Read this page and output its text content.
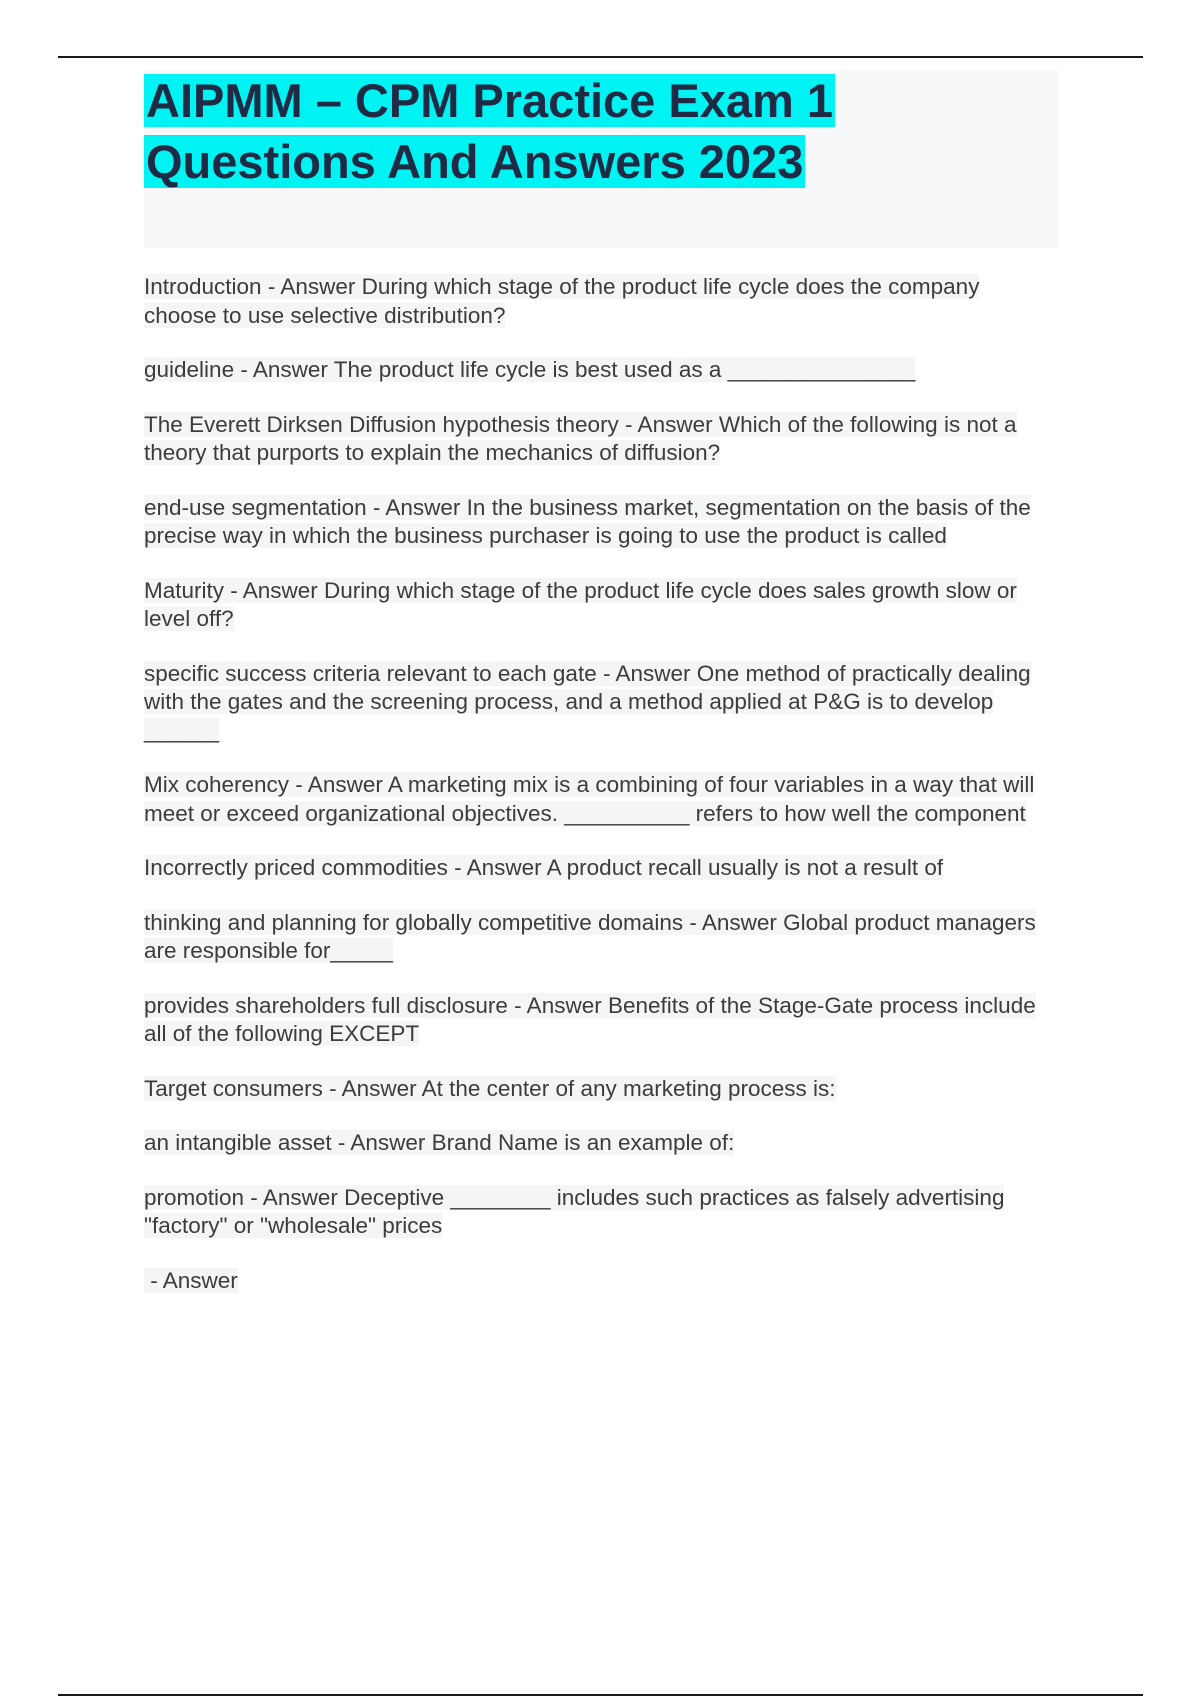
AIPMM – CPM Practice Exam 1
Questions And Answers 2023

Introduction - Answer During which stage of the product life cycle does the company choose to use selective distribution?

guideline - Answer The product life cycle is best used as a _______________

The Everett Dirksen Diffusion hypothesis theory - Answer Which of the following is not a theory that purports to explain the mechanics of diffusion?

end-use segmentation - Answer In the business market, segmentation on the basis of the precise way in which the business purchaser is going to use the product is called

Maturity - Answer During which stage of the product life cycle does sales growth slow or level off?

specific success criteria relevant to each gate - Answer One method of practically dealing with the gates and the screening process, and a method applied at P&G is to develop ______

Mix coherency - Answer A marketing mix is a combining of four variables in a way that will meet or exceed organizational objectives. __________ refers to how well the component

Incorrectly priced commodities - Answer A product recall usually is not a result of

thinking and planning for globally competitive domains - Answer Global product managers are responsible for_____

provides shareholders full disclosure - Answer Benefits of the Stage-Gate process include all of the following EXCEPT

Target consumers - Answer At the center of any marketing process is:

an intangible asset - Answer Brand Name is an example of:

promotion - Answer Deceptive ________ includes such practices as falsely advertising "factory" or "wholesale" prices

- Answer
